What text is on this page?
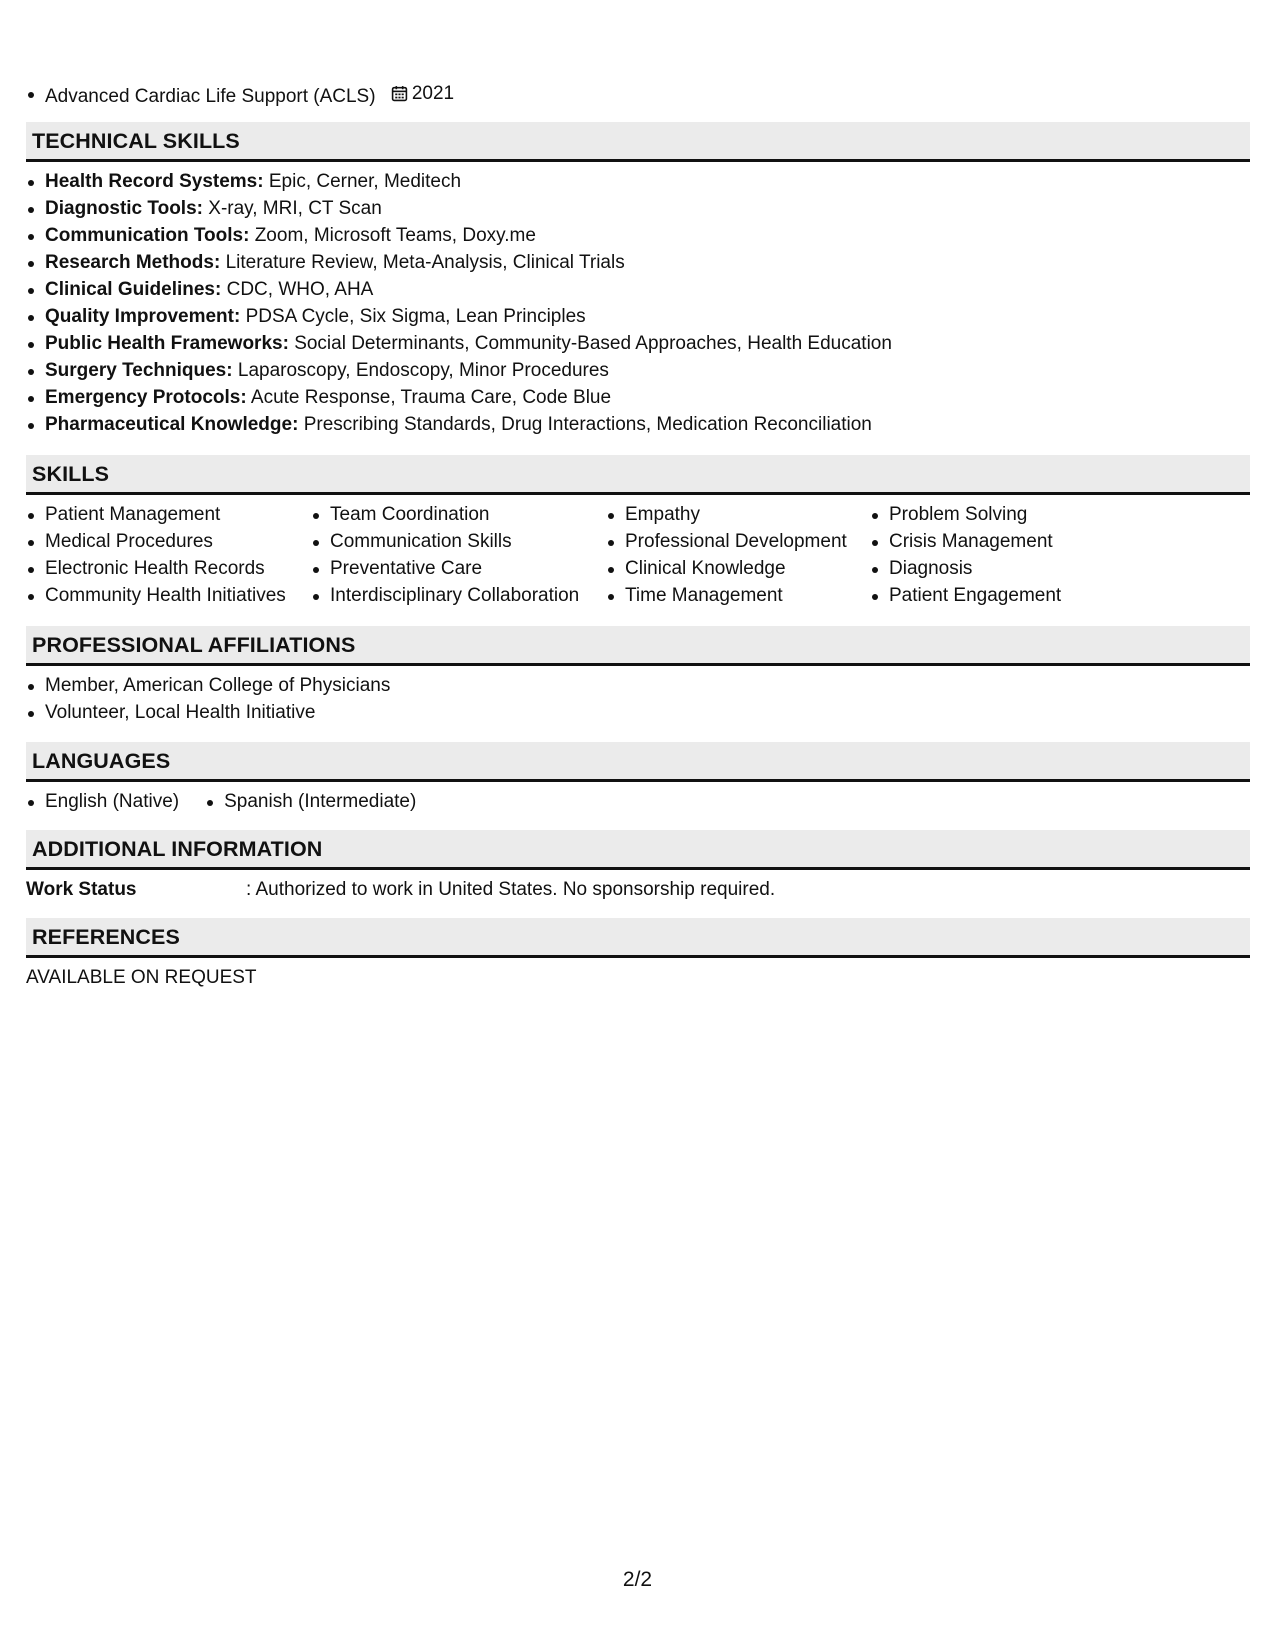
Advanced Cardiac Life Support (ACLS) 2021
TECHNICAL SKILLS
Health Record Systems: Epic, Cerner, Meditech
Diagnostic Tools: X-ray, MRI, CT Scan
Communication Tools: Zoom, Microsoft Teams, Doxy.me
Research Methods: Literature Review, Meta-Analysis, Clinical Trials
Clinical Guidelines: CDC, WHO, AHA
Quality Improvement: PDSA Cycle, Six Sigma, Lean Principles
Public Health Frameworks: Social Determinants, Community-Based Approaches, Health Education
Surgery Techniques: Laparoscopy, Endoscopy, Minor Procedures
Emergency Protocols: Acute Response, Trauma Care, Code Blue
Pharmaceutical Knowledge: Prescribing Standards, Drug Interactions, Medication Reconciliation
SKILLS
Patient Management
Medical Procedures
Electronic Health Records
Community Health Initiatives
Team Coordination
Communication Skills
Preventative Care
Interdisciplinary Collaboration
Empathy
Professional Development
Clinical Knowledge
Time Management
Problem Solving
Crisis Management
Diagnosis
Patient Engagement
PROFESSIONAL AFFILIATIONS
Member, American College of Physicians
Volunteer, Local Health Initiative
LANGUAGES
English (Native)	Spanish (Intermediate)
ADDITIONAL INFORMATION
Work Status	: Authorized to work in United States. No sponsorship required.
REFERENCES
AVAILABLE ON REQUEST
2/2
